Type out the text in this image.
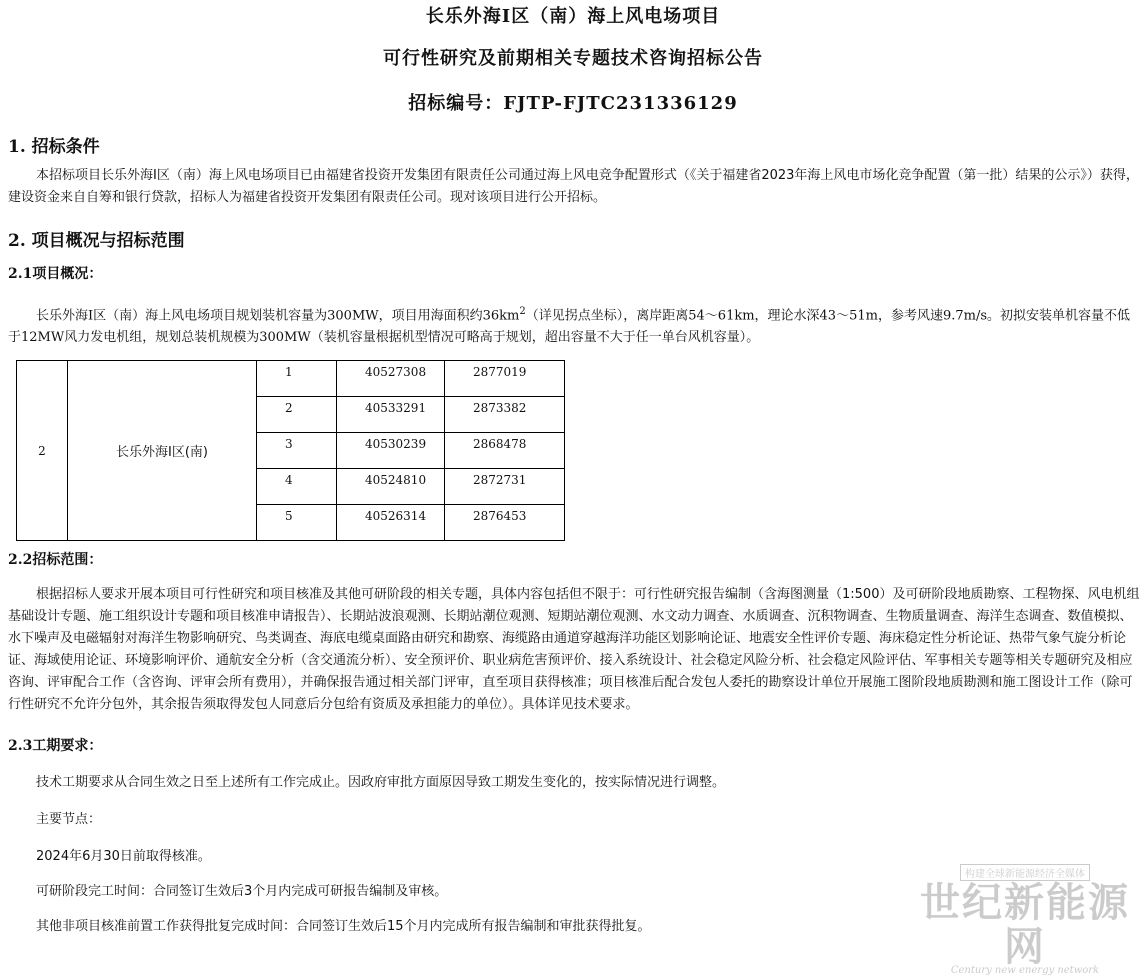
长乐外海I区（南）海上风电场项目
可行性研究及前期相关专题技术咨询招标公告
招标编号：FJTP-FJTC231336129
1. 招标条件

本招标项目长乐外海I区（南）海上风电场项目已由福建省投资开发集团有限责任公司通过海上风电竞争配置形式（《关于福建省2023年海上风电市场化竞争配置（第一批）结果的公示》）获得，建设资金来自自筹和银行贷款，招标人为福建省投资开发集团有限责任公司。现对该项目进行公开招标。

2. 项目概况与招标范围
2.1项目概况：

长乐外海I区（南）海上风电场项目规划装机容量为300MW，项目用海面积约$36km^2$（详见拐点坐标），离岸距离54～61km，理论水深43～51m，参考风速9.7m/s。初拟安装单机容量不低于12MW风力发电机组，规划总装机规模为300MW（装机容量根据机型情况可略高于规划，超出容量不大于任一单台风机容量）。

2	长乐外海I区(南)	1	40527308	2877019
		2	40533291	2873382
		3	40530239	2868478
		4	40524810	2872731
		5	40526314	2876453
2.2招标范围：

根据招标人要求开展本项目可行性研究和项目核准及其他可研阶段的相关专题，具体内容包括但不限于：可行性研究报告编制（含海图测量（1:500）及可研阶段地质勘察、工程物探、风电机组基础设计专题、施工组织设计专题和项目核准申请报告）、长期站波浪观测、长期站潮位观测、短期站潮位观测、水文动力调查、水质调查、沉积物调查、生物质量调查、海洋生态调查、数值模拟、水下噪声及电磁辐射对海洋生物影响研究、鸟类调查、海底电缆桌面路由研究和勘察、海缆路由通道穿越海洋功能区划影响论证、地震安全性评价专题、海床稳定性分析论证、热带气象气旋分析论证、海域使用论证、环境影响评价、通航安全分析（含交通流分析）、安全预评价、职业病危害预评价、接入系统设计、社会稳定风险分析、社会稳定风险评估、军事相关专题等相关专题研究及相应咨询、评审配合工作（含咨询、评审会所有费用），并确保报告通过相关部门评审，直至项目获得核准；项目核准后配合发包人委托的勘察设计单位开展施工图阶段地质勘测和施工图设计工作（除可行性研究不允许分包外，其余报告须取得发包人同意后分包给有资质及承担能力的单位）。具体详见技术要求。

2.3工期要求：

技术工期要求从合同生效之日至上述所有工作完成止。因政府审批方面原因导致工期发生变化的，按实际情况进行调整。

主要节点：

2024年6月30日前取得核准。

可研阶段完工时间：合同签订生效后3个月内完成可研报告编制及审核。

其他非项目核准前置工作获得批复完成时间：合同签订生效后15个月内完成所有报告编制和审批获得批复。

构建全球新能源经济全媒体
世纪新能源网
Century new energy network
